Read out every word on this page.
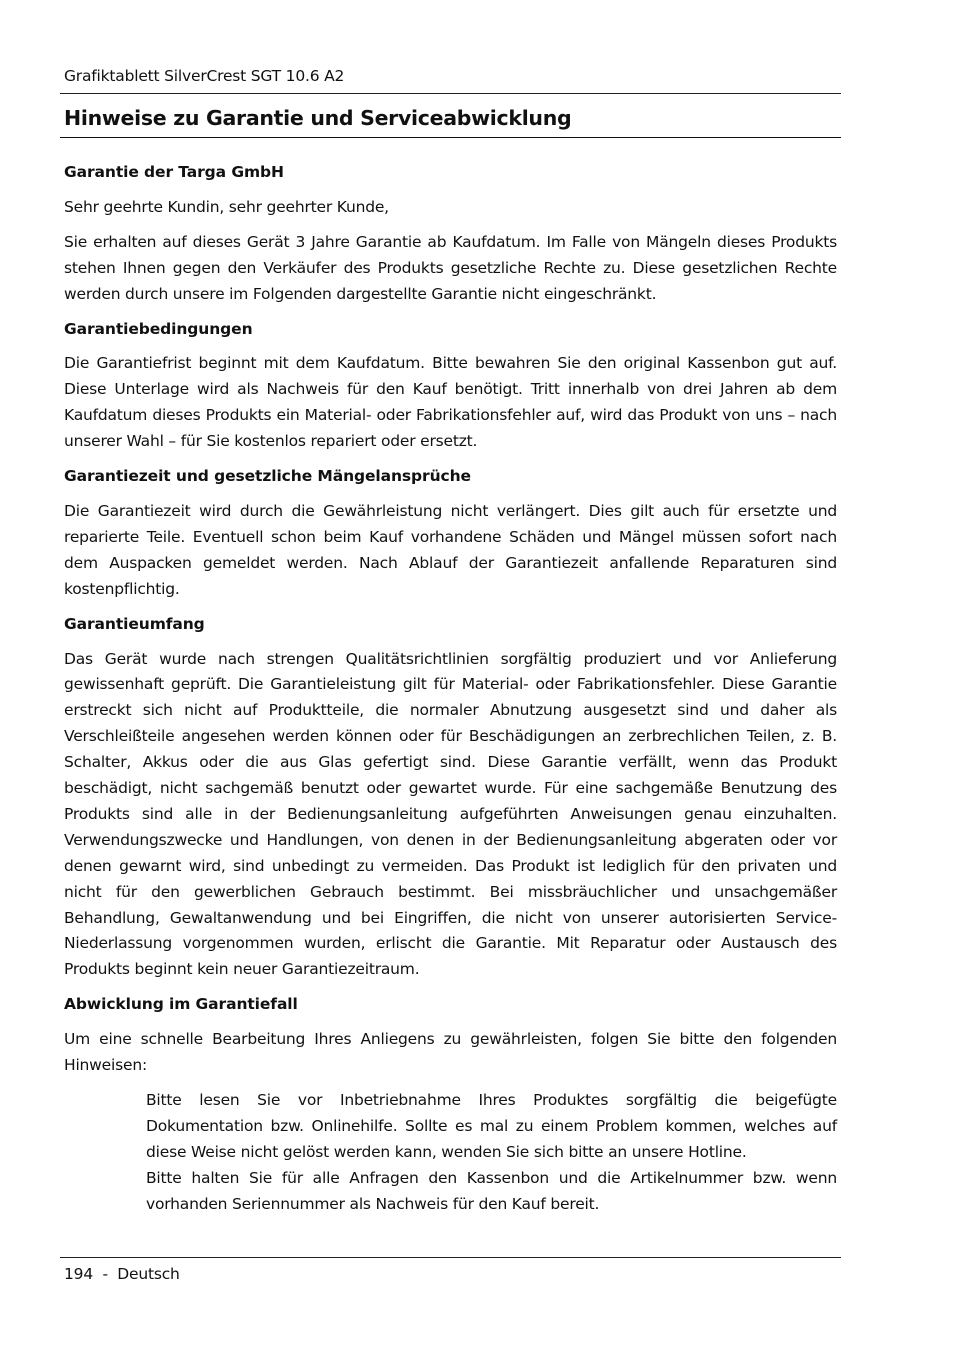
Grafiktablett SilverCrest SGT 10.6 A2
Hinweise zu Garantie und Serviceabwicklung
Garantie der Targa GmbH

Sehr geehrte Kundin, sehr geehrter Kunde,

Sie erhalten auf dieses Gerät 3 Jahre Garantie ab Kaufdatum. Im Falle von Mängeln dieses Produkts stehen Ihnen gegen den Verkäufer des Produkts gesetzliche Rechte zu. Diese gesetzlichen Rechte werden durch unsere im Folgenden dargestellte Garantie nicht eingeschränkt.

Garantiebedingungen

Die Garantiefrist beginnt mit dem Kaufdatum. Bitte bewahren Sie den original Kassenbon gut auf. Diese Unterlage wird als Nachweis für den Kauf benötigt. Tritt innerhalb von drei Jahren ab dem Kaufdatum dieses Produkts ein Material- oder Fabrikationsfehler auf, wird das Produkt von uns – nach unserer Wahl – für Sie kostenlos repariert oder ersetzt.

Garantiezeit und gesetzliche Mängelansprüche

Die Garantiezeit wird durch die Gewährleistung nicht verlängert. Dies gilt auch für ersetzte und reparierte Teile. Eventuell schon beim Kauf vorhandene Schäden und Mängel müssen sofort nach dem Auspacken gemeldet werden. Nach Ablauf der Garantiezeit anfallende Reparaturen sind kostenpflichtig.

Garantieumfang

Das Gerät wurde nach strengen Qualitätsrichtlinien sorgfältig produziert und vor Anlieferung gewissenhaft geprüft. Die Garantieleistung gilt für Material- oder Fabrikationsfehler. Diese Garantie erstreckt sich nicht auf Produktteile, die normaler Abnutzung ausgesetzt sind und daher als Verschleißteile angesehen werden können oder für Beschädigungen an zerbrechlichen Teilen, z. B. Schalter, Akkus oder die aus Glas gefertigt sind. Diese Garantie verfällt, wenn das Produkt beschädigt, nicht sachgemäß benutzt oder gewartet wurde. Für eine sachgemäße Benutzung des Produkts sind alle in der Bedienungsanleitung aufgeführten Anweisungen genau einzuhalten. Verwendungszwecke und Handlungen, von denen in der Bedienungsanleitung abgeraten oder vor denen gewarnt wird, sind unbedingt zu vermeiden. Das Produkt ist lediglich für den privaten und nicht für den gewerblichen Gebrauch bestimmt. Bei missbräuchlicher und unsachgemäßer Behandlung, Gewaltanwendung und bei Eingriffen, die nicht von unserer autorisierten Service-Niederlassung vorgenommen wurden, erlischt die Garantie. Mit Reparatur oder Austausch des Produkts beginnt kein neuer Garantiezeitraum.

Abwicklung im Garantiefall

Um eine schnelle Bearbeitung Ihres Anliegens zu gewährleisten, folgen Sie bitte den folgenden Hinweisen:

Bitte lesen Sie vor Inbetriebnahme Ihres Produktes sorgfältig die beigefügte Dokumentation bzw. Onlinehilfe. Sollte es mal zu einem Problem kommen, welches auf diese Weise nicht gelöst werden kann, wenden Sie sich bitte an unsere Hotline.

Bitte halten Sie für alle Anfragen den Kassenbon und die Artikelnummer bzw. wenn vorhanden Seriennummer als Nachweis für den Kauf bereit.

194  -  Deutsch
